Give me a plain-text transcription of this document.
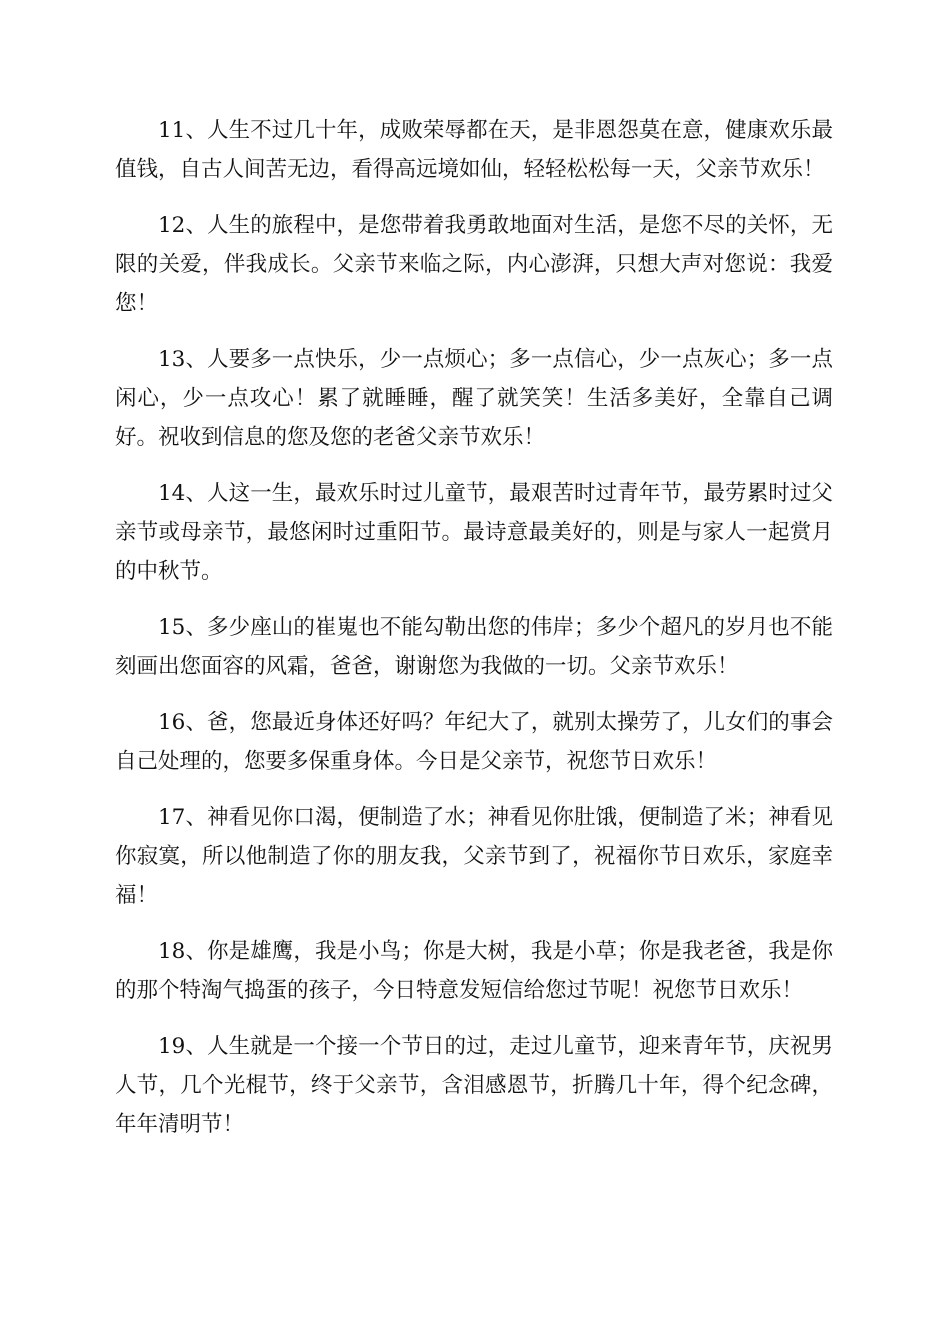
11、人生不过几十年，成败荣辱都在天，是非恩怨莫在意，健康欢乐最值钱，自古人间苦无边，看得高远境如仙，轻轻松松每一天，父亲节欢乐！

12、人生的旅程中，是您带着我勇敢地面对生活，是您不尽的关怀，无限的关爱，伴我成长。父亲节来临之际，内心澎湃，只想大声对您说：我爱您！

13、人要多一点快乐，少一点烦心；多一点信心，少一点灰心；多一点闲心，少一点攻心！累了就睡睡，醒了就笑笑！生活多美好，全靠自己调好。祝收到信息的您及您的老爸父亲节欢乐！

14、人这一生，最欢乐时过儿童节，最艰苦时过青年节，最劳累时过父亲节或母亲节，最悠闲时过重阳节。最诗意最美好的，则是与家人一起赏月的中秋节。

15、多少座山的崔嵬也不能勾勒出您的伟岸；多少个超凡的岁月也不能刻画出您面容的风霜，爸爸，谢谢您为我做的一切。父亲节欢乐！

16、爸，您最近身体还好吗？年纪大了，就别太操劳了，儿女们的事会自己处理的，您要多保重身体。今日是父亲节，祝您节日欢乐！

17、神看见你口渴，便制造了水；神看见你肚饿，便制造了米；神看见你寂寞，所以他制造了你的朋友我，父亲节到了，祝福你节日欢乐，家庭幸福！

18、你是雄鹰，我是小鸟；你是大树，我是小草；你是我老爸，我是你的那个特淘气捣蛋的孩子，今日特意发短信给您过节呢！祝您节日欢乐！

19、人生就是一个接一个节日的过，走过儿童节，迎来青年节，庆祝男人节，几个光棍节，终于父亲节，含泪感恩节，折腾几十年，得个纪念碑，年年清明节！
